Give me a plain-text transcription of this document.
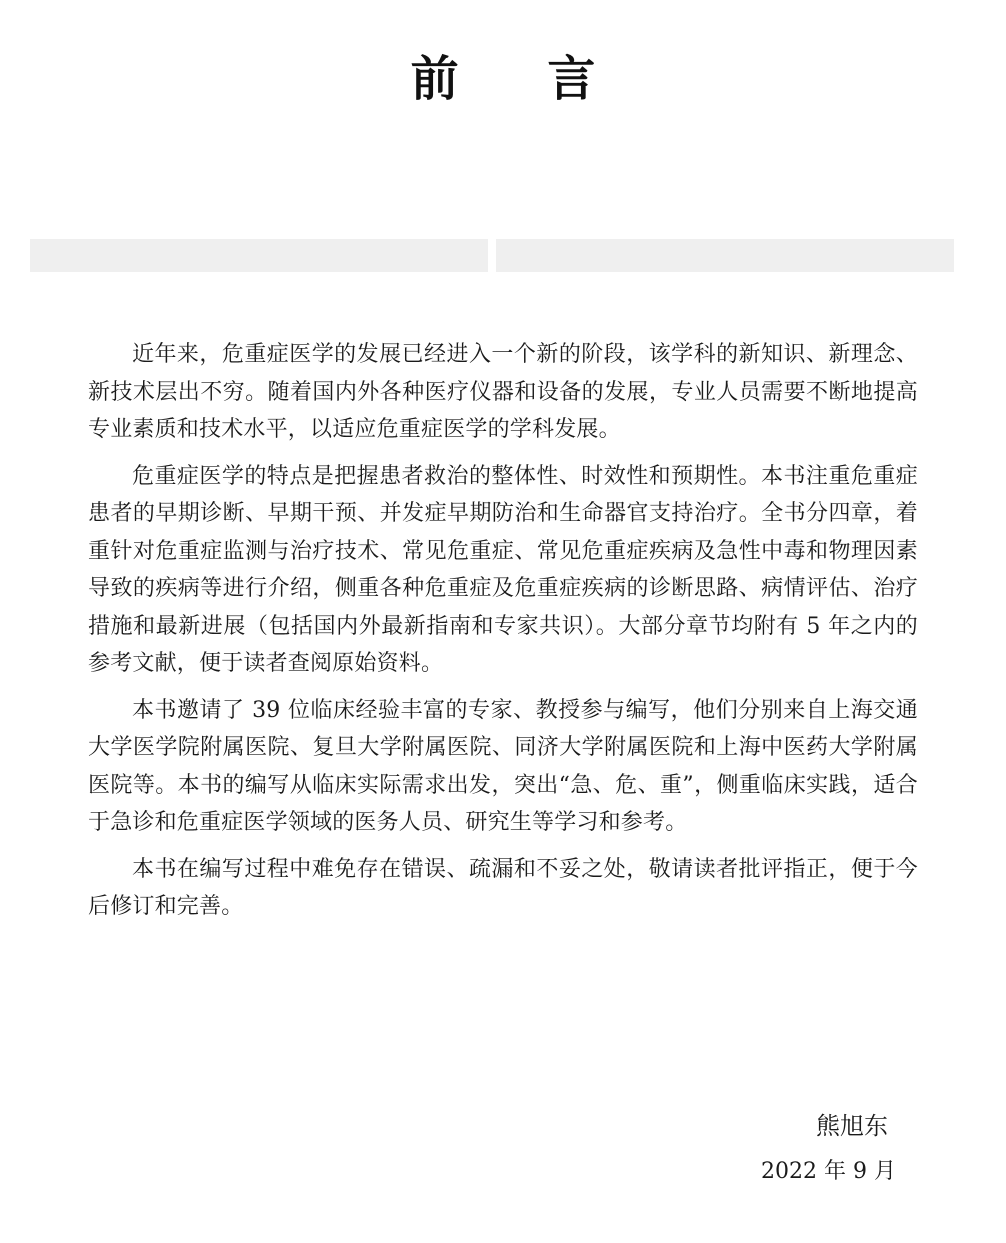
前 言

近年来，危重症医学的发展已经进入一个新的阶段，该学科的新知识、新理念、新技术层出不穷。随着国内外各种医疗仪器和设备的发展，专业人员需要不断地提高专业素质和技术水平，以适应危重症医学的学科发展。

危重症医学的特点是把握患者救治的整体性、时效性和预期性。本书注重危重症患者的早期诊断、早期干预、并发症早期防治和生命器官支持治疗。全书分四章，着重针对危重症监测与治疗技术、常见危重症、常见危重症疾病及急性中毒和物理因素导致的疾病等进行介绍，侧重各种危重症及危重症疾病的诊断思路、病情评估、治疗措施和最新进展（包括国内外最新指南和专家共识）。大部分章节均附有 5 年之内的参考文献，便于读者查阅原始资料。

本书邀请了 39 位临床经验丰富的专家、教授参与编写，他们分别来自上海交通大学医学院附属医院、复旦大学附属医院、同济大学附属医院和上海中医药大学附属医院等。本书的编写从临床实际需求出发，突出“急、危、重”，侧重临床实践，适合于急诊和危重症医学领域的医务人员、研究生等学习和参考。

本书在编写过程中难免存在错误、疏漏和不妥之处，敬请读者批评指正，便于今后修订和完善。

熊旭东

2022 年 9 月
